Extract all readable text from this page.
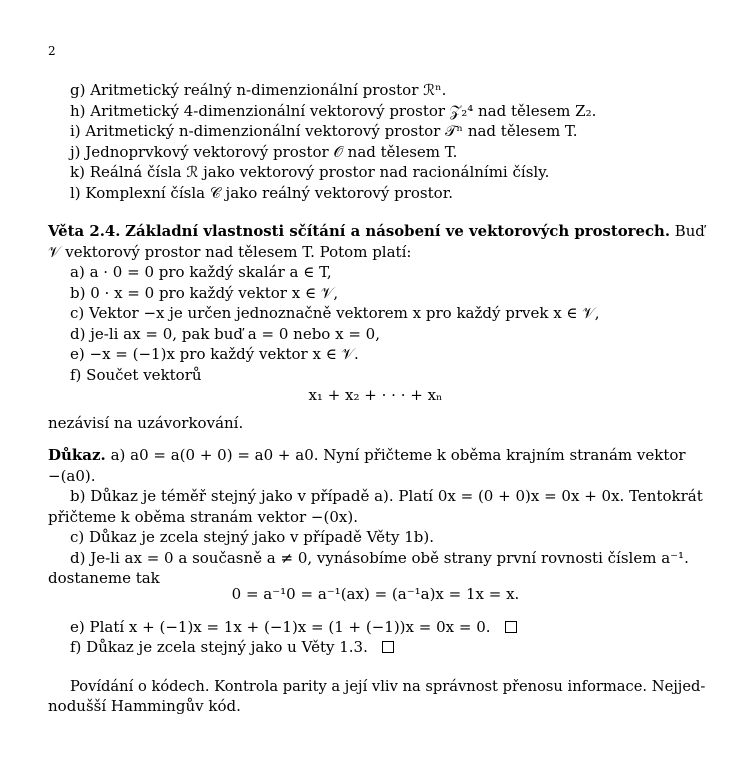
2
g) Aritmetický reálný n-dimenzionální prostor ℛⁿ.
h) Aritmetický 4-dimenzionální vektorový prostor 𝒵₂⁴ nad tělesem Z₂.
i) Aritmetický n-dimenzionální vektorový prostor 𝒯ⁿ nad tělesem T.
j) Jednoprvkový vektorový prostor 𝒪 nad tělesem T.
k) Reálná čísla ℛ jako vektorový prostor nad racionálními čísly.
l) Komplexní čísla 𝒞 jako reálný vektorový prostor.
Věta 2.4. Základní vlastnosti sčítání a násobení ve vektorových prostorech. Buď
𝒱 vektorový prostor nad tělesem T. Potom platí:
a) a · 0 = 0 pro každý skalár a ∈ T,
b) 0 · x = 0 pro každý vektor x ∈ 𝒱,
c) Vektor −x je určen jednoznačně vektorem x pro každý prvek x ∈ 𝒱,
d) je-li ax = 0, pak buď a = 0 nebo x = 0,
e) −x = (−1)x pro každý vektor x ∈ 𝒱.
f) Součet vektorů
x₁ + x₂ + · · · + xₙ
nezávisí na uzávorkování.
Důkaz. a) a0 = a(0 + 0) = a0 + a0. Nyní přičteme k oběma krajním stranám vektor
−(a0).
b) Důkaz je téměř stejný jako v případě a). Platí 0x = (0 + 0)x = 0x + 0x. Tentokrát
přičteme k oběma stranám vektor −(0x).
c) Důkaz je zcela stejný jako v případě Věty 1b).
d) Je-li ax = 0 a současně a ≠ 0, vynásobíme obě strany první rovnosti číslem a⁻¹.
dostaneme tak
0 = a⁻¹0 = a⁻¹(ax) = (a⁻¹a)x = 1x = x.
e) Platí x + (−1)x = 1x + (−1)x = (1 + (−1))x = 0x = 0.
f) Důkaz je zcela stejný jako u Věty 1.3.
Povídání o kódech. Kontrola parity a její vliv na správnost přenosu informace. Nejjed-
nodušší Hammingův kód.
